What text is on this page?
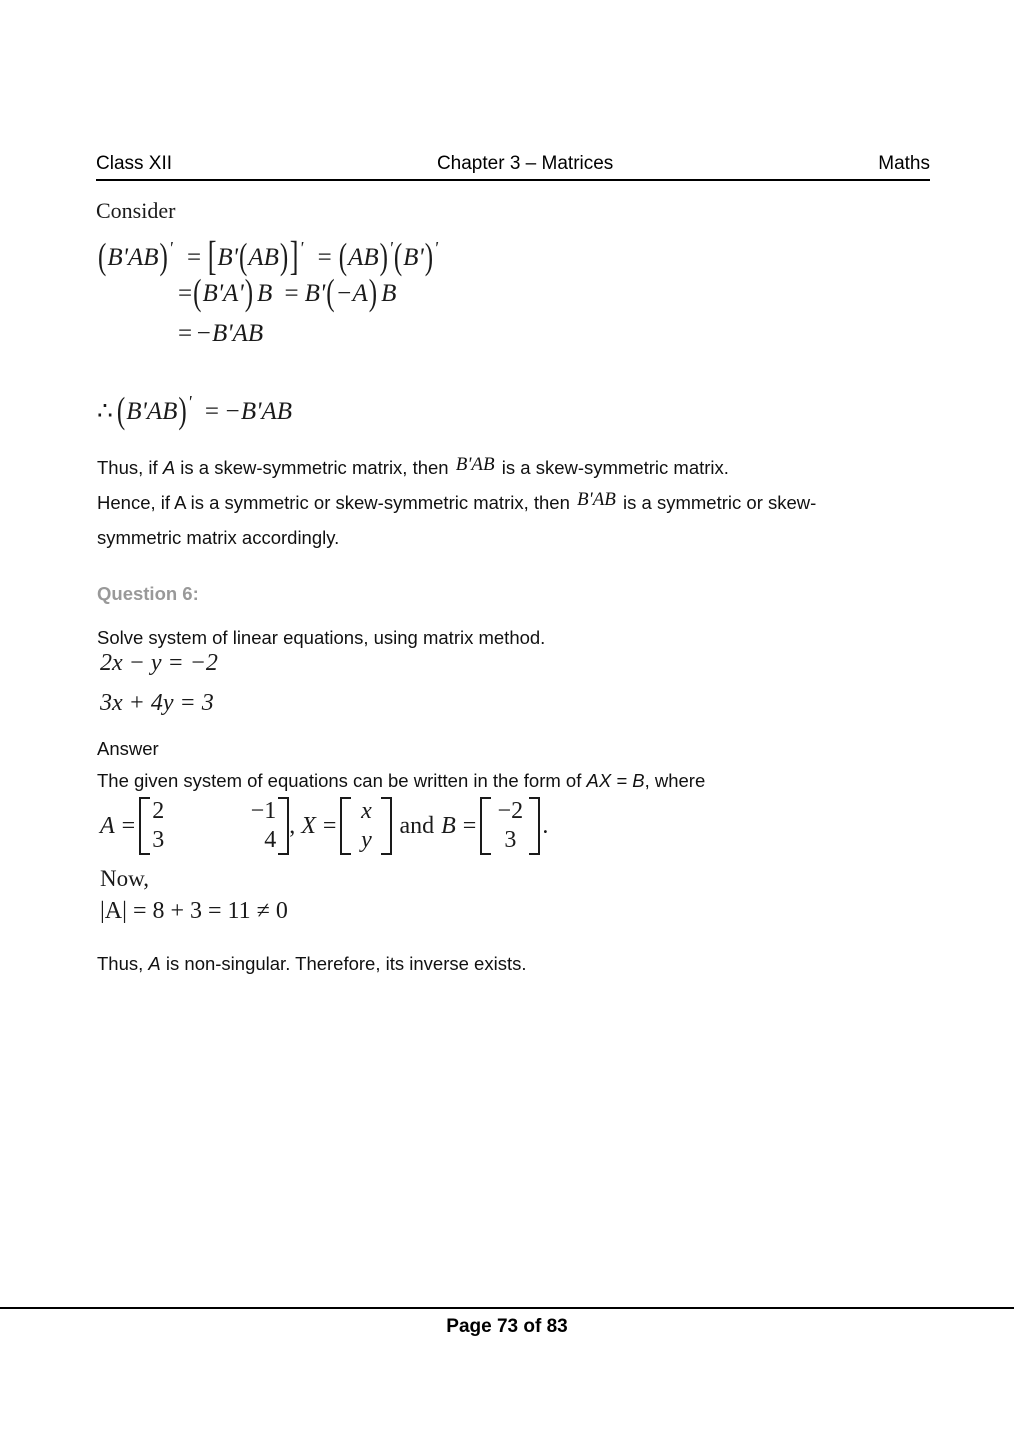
Class XII	Chapter 3 – Matrices	Maths
Consider
(B'AB)' = [B'(AB)]' = (AB)'(B')'
=(B'A') B = B'(−A) B
= −B'AB
∴ (B'AB)' = −B'AB
Thus, if A is a skew-symmetric matrix, then B'AB is a skew-symmetric matrix.
Hence, if A is a symmetric or skew-symmetric matrix, then B'AB is a symmetric or skew-
symmetric matrix accordingly.
Question 6:
Solve system of linear equations, using matrix method.
2x − y = −2
3x + 4y = 3
Answer
The given system of equations can be written in the form of AX = B, where
A =
2	−1
3	4
, X =
x
y
and B =
−2
3
.
Now,
|A| = 8 + 3 = 11 ≠ 0
Thus, A is non-singular. Therefore, its inverse exists.
Page 73 of 83
